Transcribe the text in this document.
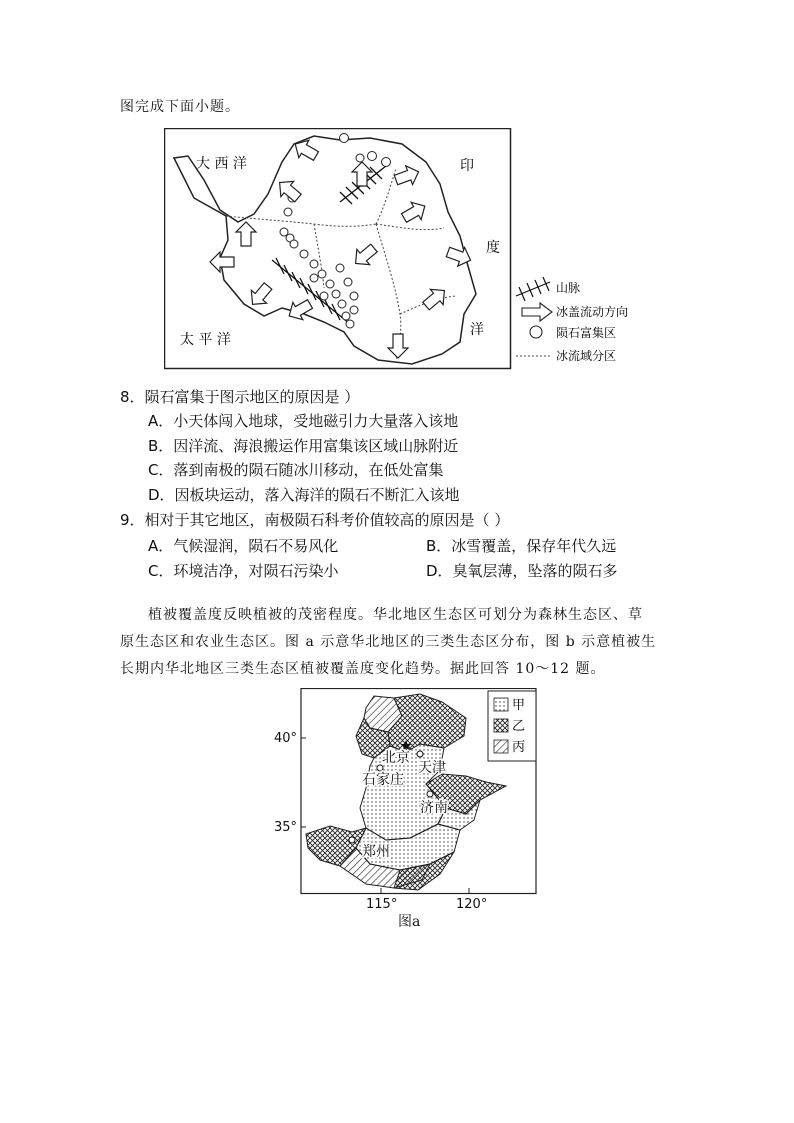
图完成下面小题。
大 西 洋
太 平 洋
印
度
洋
山脉
冰盖流动方向
陨石富集区
冰流域分区
8．陨石富集于图示地区的原因是 ）
A．小天体闯入地球，受地磁引力大量落入该地
B．因洋流、海浪搬运作用富集该区域山脉附近
C．落到南极的陨石随冰川移动，在低处富集
D．因板块运动，落入海洋的陨石不断汇入该地
9．相对于其它地区，南极陨石科考价值较高的原因是（ ）
A．气候湿润，陨石不易风化	B．冰雪覆盖，保存年代久远
C．环境洁净，对陨石污染小	D．臭氧层薄，坠落的陨石多
植被覆盖度反映植被的茂密程度。华北地区生态区可划分为森林生态区、草
原生态区和农业生态区。图 a 示意华北地区的三类生态区分布，图 b 示意植被生
长期内华北地区三类生态区植被覆盖度变化趋势。据此回答 10～12 题。
北京
天津
石家庄
济南
郑州
40°
35°
115°	120°
甲
乙
丙
图a
